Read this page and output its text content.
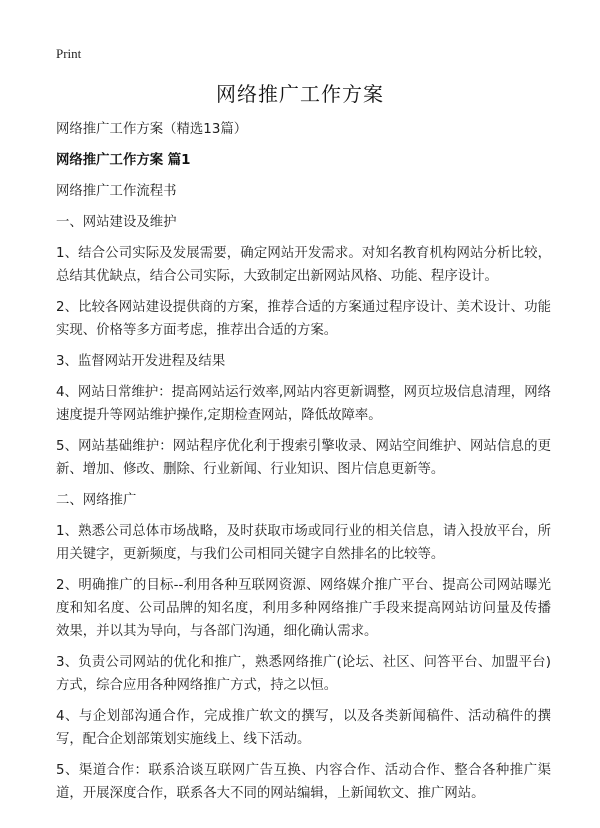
Print
网络推广工作方案

网络推广工作方案（精选13篇）

网络推广工作方案 篇1

网络推广工作流程书

一、网站建设及维护

1、结合公司实际及发展需要，确定网站开发需求。对知名教育机构网站分析比较，总结其优缺点，结合公司实际，大致制定出新网站风格、功能、程序设计。

2、比较各网站建设提供商的方案，推荐合适的方案通过程序设计、美术设计、功能实现、价格等多方面考虑，推荐出合适的方案。

3、监督网站开发进程及结果

4、网站日常维护：提高网站运行效率,网站内容更新调整，网页垃圾信息清理，网络速度提升等网站维护操作,定期检查网站，降低故障率。

5、网站基础维护：网站程序优化利于搜索引擎收录、网站空间维护、网站信息的更新、增加、修改、删除、行业新闻、行业知识、图片信息更新等。

二、网络推广

1、熟悉公司总体市场战略，及时获取市场或同行业的相关信息，请入投放平台，所用关键字，更新频度，与我们公司相同关键字自然排名的比较等。

2、明确推广的目标--利用各种互联网资源、网络媒介推广平台、提高公司网站曝光度和知名度、公司品牌的知名度，利用多种网络推广手段来提高网站访问量及传播效果，并以其为导向，与各部门沟通，细化确认需求。

3、负责公司网站的优化和推广，熟悉网络推广(论坛、社区、问答平台、加盟平台)方式，综合应用各种网络推广方式，持之以恒。

4、与企划部沟通合作，完成推广软文的撰写，以及各类新闻稿件、活动稿件的撰写，配合企划部策划实施线上、线下活动。

5、渠道合作：联系洽谈互联网广告互换、内容合作、活动合作、整合各种推广渠道，开展深度合作，联系各大不同的网站编辑，上新闻软文、推广网站。
